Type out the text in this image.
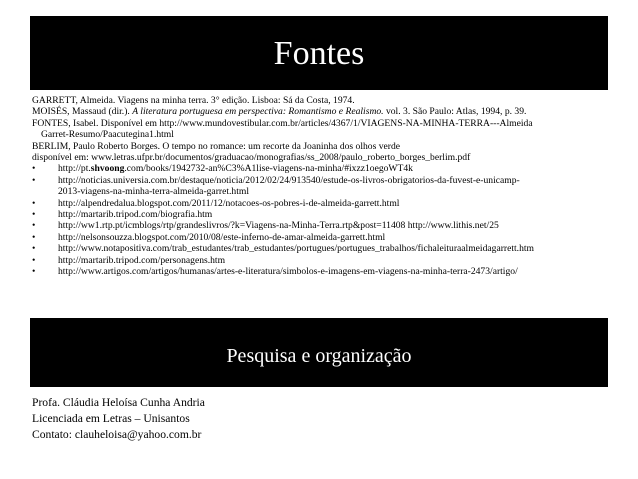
Fontes

GARRETT, Almeida. Viagens na minha terra. 3° edição. Lisboa: Sá da Costa, 1974.

MOISÉS, Massaud (dir.). A literatura portuguesa em perspectiva: Romantismo e Realismo. vol. 3. São Paulo: Atlas, 1994, p. 39.

FONTES, Isabel. Disponível em http://www.mundovestibular.com.br/articles/4367/1/VIAGENS-NA-MINHA-TERRA---Almeida
Garret-Resumo/Paacutegina1.html

BERLIM, Paulo Roberto Borges. O tempo no romance: um recorte da Joaninha dos olhos verde
disponível em: www.letras.ufpr.br/documentos/graduacao/monografias/ss_2008/paulo_roberto_borges_berlim.pdf

• http://pt.shvoong.com/books/1942732-an%C3%A1lise-viagens-na-minha/#ixzz1oegoWT4k
• http://noticias.universia.com.br/destaque/noticia/2012/02/24/913540/estude-os-livros-obrigatorios-da-fuvest-e-unicamp-
2013-viagens-na-minha-terra-almeida-garret.html
• http://alpendredalua.blogspot.com/2011/12/notacoes-os-pobres-i-de-almeida-garrett.html
• http://martarib.tripod.com/biografia.htm
• http://ww1.rtp.pt/icmblogs/rtp/grandeslivros/?k=Viagens-na-Minha-Terra.rtp&post=11408 http://www.lithis.net/25
• http://nelsonsouzza.blogspot.com/2010/08/este-inferno-de-amar-almeida-garrett.html
• http://www.notapositiva.com/trab_estudantes/trab_estudantes/portugues/portugues_trabalhos/fichaleituraalmeidagarrett.htm
• http://martarib.tripod.com/personagens.htm
• http://www.artigos.com/artigos/humanas/artes-e-literatura/simbolos-e-imagens-em-viagens-na-minha-terra-2473/artigo/
Pesquisa e organização
Profa. Cláudia Heloísa Cunha Andria
Licenciada em Letras – Unisantos
Contato: clauheloisa@yahoo.com.br
